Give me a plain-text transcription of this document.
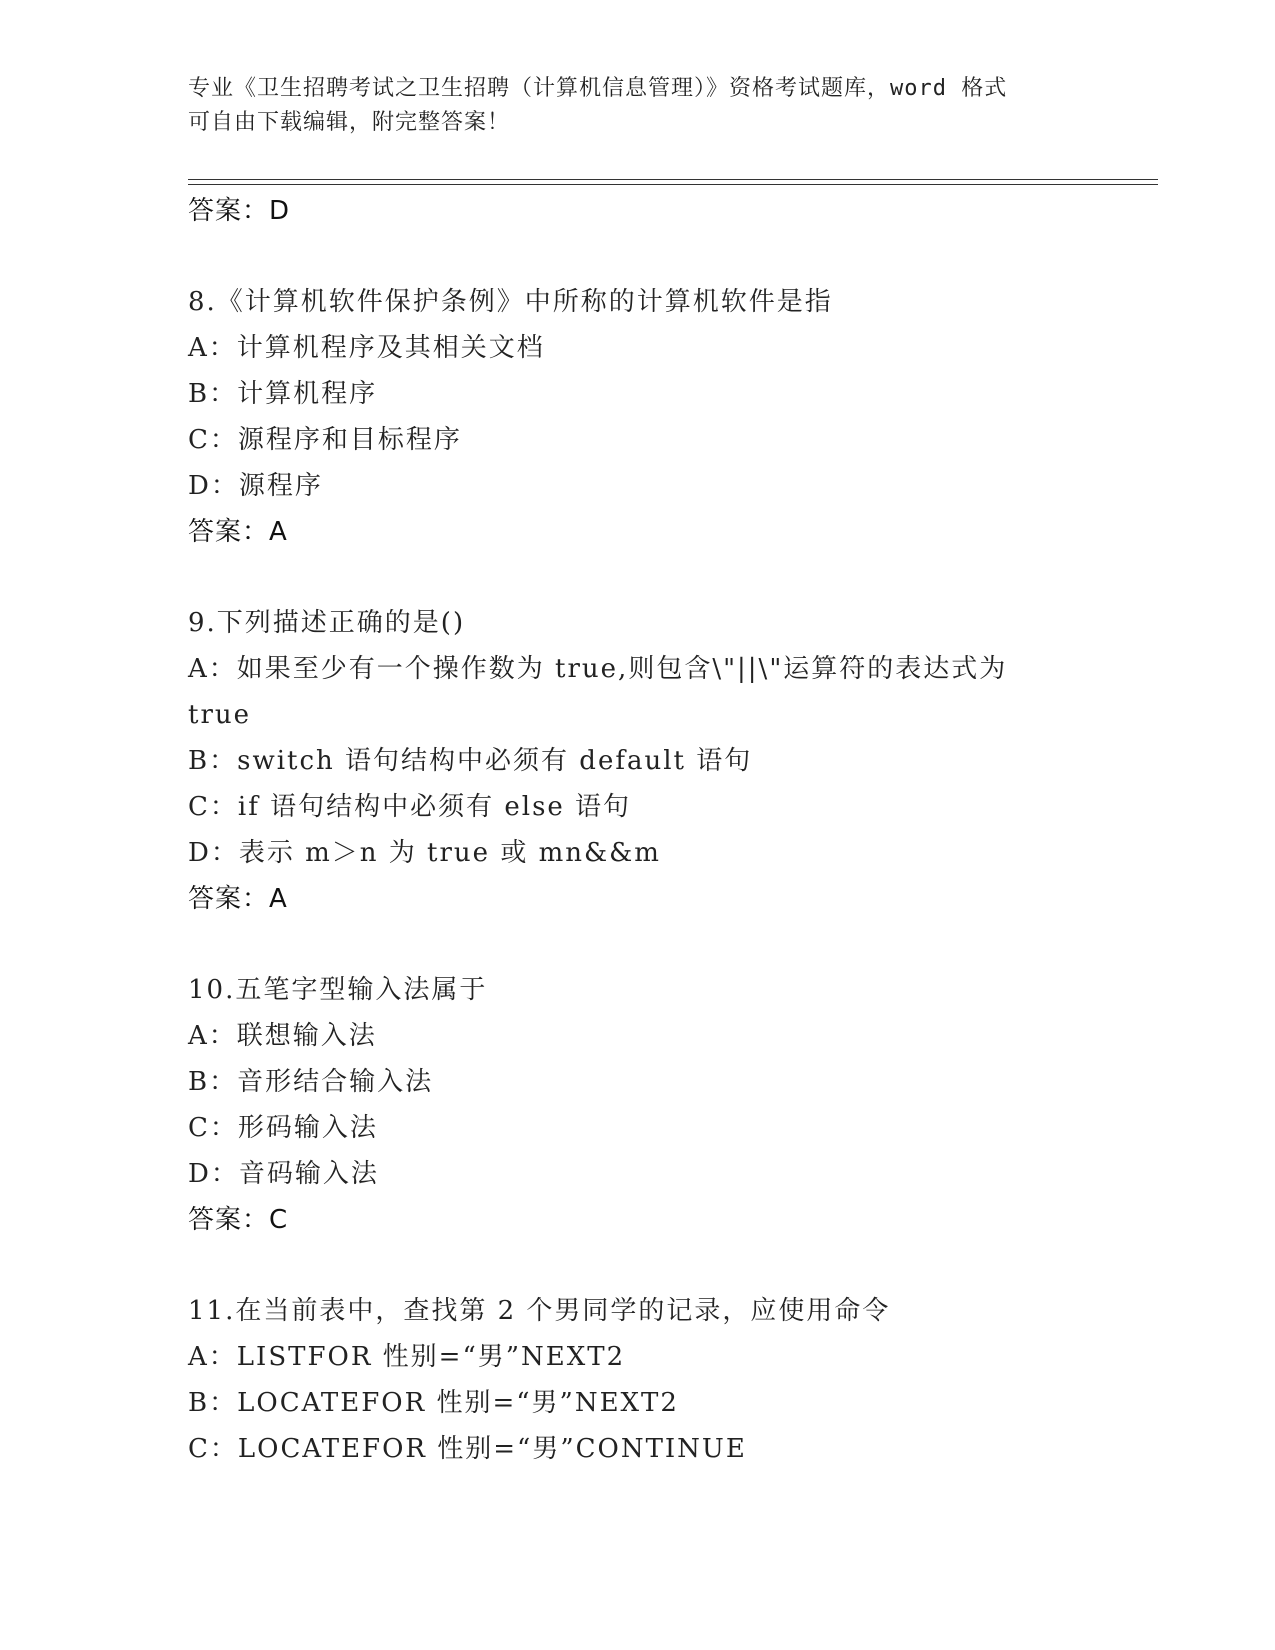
专业《卫生招聘考试之卫生招聘（计算机信息管理）》资格考试题库，word 格式
可自由下载编辑，附完整答案！
答案：D
8.《计算机软件保护条例》中所称的计算机软件是指
A：计算机程序及其相关文档
B：计算机程序
C：源程序和目标程序
D：源程序
答案：A
9.下列描述正确的是()
A：如果至少有一个操作数为 true,则包含\"||\"运算符的表达式为
true
B：switch 语句结构中必须有 default 语句
C：if 语句结构中必须有 else 语句
D：表示 m＞n 为 true 或 mn&&m
答案：A
10.五笔字型输入法属于
A：联想输入法
B：音形结合输入法
C：形码输入法
D：音码输入法
答案：C
11.在当前表中，查找第 2 个男同学的记录，应使用命令
A：LISTFOR 性别=“男”NEXT2
B：LOCATEFOR 性别=“男”NEXT2
C：LOCATEFOR 性别=“男”CONTINUE
